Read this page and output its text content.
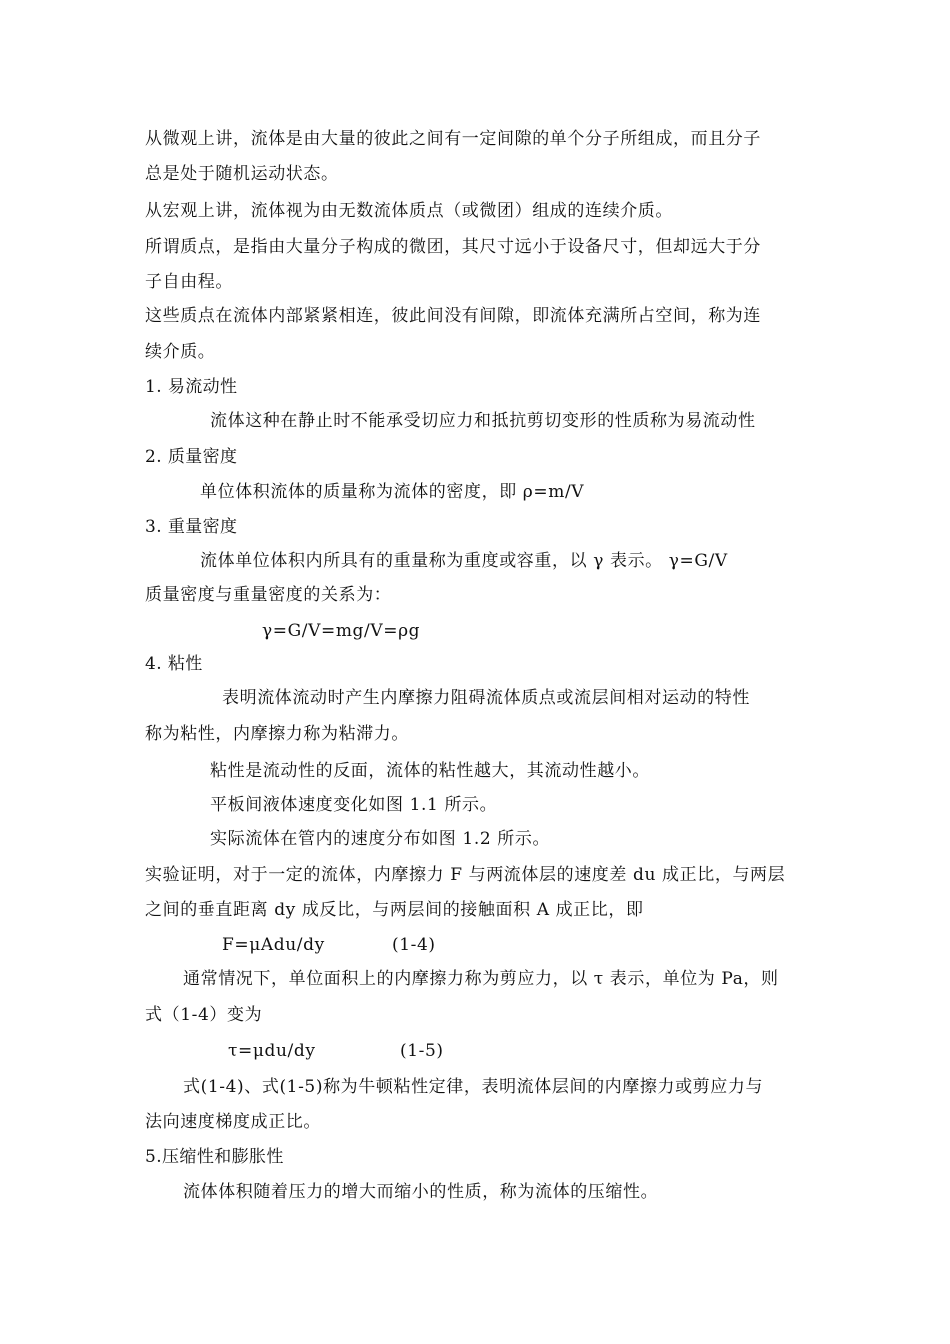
从微观上讲，流体是由大量的彼此之间有一定间隙的单个分子所组成，而且分子
总是处于随机运动状态。
从宏观上讲，流体视为由无数流体质点（或微团）组成的连续介质。
所谓质点，是指由大量分子构成的微团，其尺寸远小于设备尺寸，但却远大于分
子自由程。
这些质点在流体内部紧紧相连，彼此间没有间隙，即流体充满所占空间，称为连
续介质。
1. 易流动性
流体这种在静止时不能承受切应力和抵抗剪切变形的性质称为易流动性
2. 质量密度
单位体积流体的质量称为流体的密度，即 ρ=m/V
3. 重量密度
流体单位体积内所具有的重量称为重度或容重，以 γ 表示。 γ=G/V
质量密度与重量密度的关系为：
γ=G/V=mg/V=ρg
4. 粘性
表明流体流动时产生内摩擦力阻碍流体质点或流层间相对运动的特性
称为粘性，内摩擦力称为粘滞力。
粘性是流动性的反面，流体的粘性越大，其流动性越小。
平板间液体速度变化如图 1.1 所示。
实际流体在管内的速度分布如图 1.2 所示。
实验证明，对于一定的流体，内摩擦力 F 与两流体层的速度差 du 成正比，与两层
之间的垂直距离 dy 成反比，与两层间的接触面积 A 成正比，即
F=μAdu/dy	(1-4)
通常情况下，单位面积上的内摩擦力称为剪应力，以 τ 表示，单位为 Pa，则
式（1-4）变为
τ=μdu/dy	(1-5)
式(1-4)、式(1-5)称为牛顿粘性定律，表明流体层间的内摩擦力或剪应力与
法向速度梯度成正比。
5.压缩性和膨胀性
流体体积随着压力的增大而缩小的性质，称为流体的压缩性。
